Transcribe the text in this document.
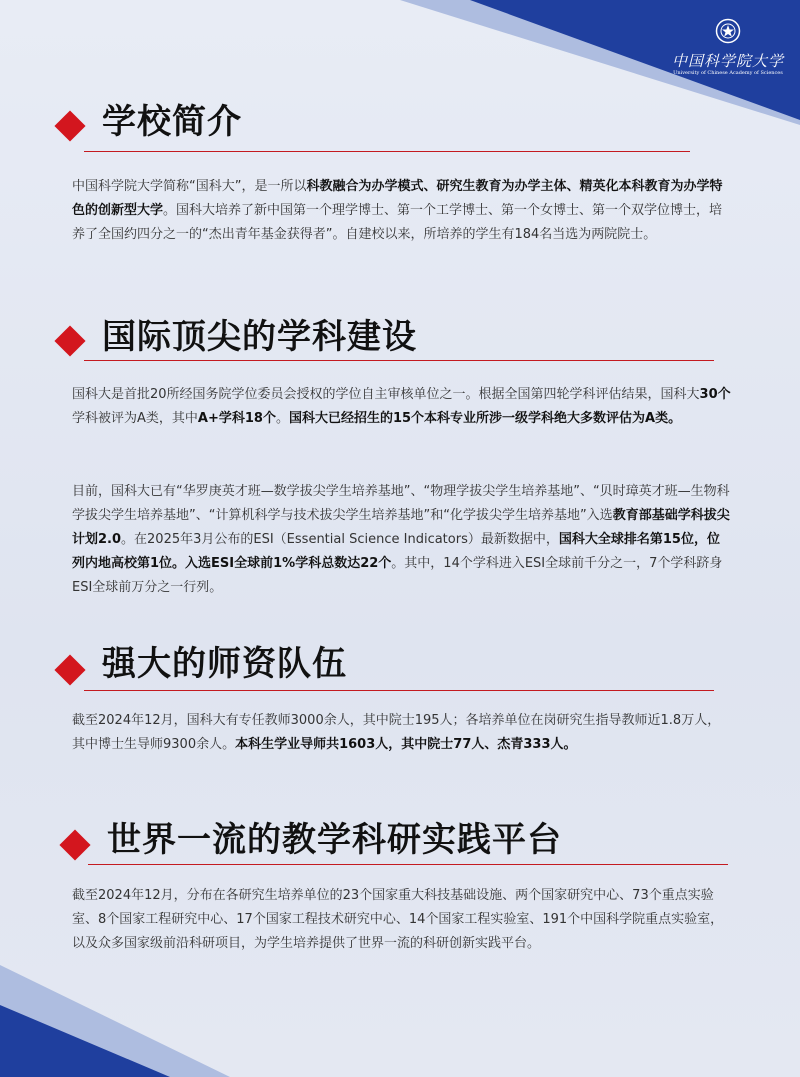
中国科学院大学
University of Chinese Academy of Sciences
学校简介
中国科学院大学简称“国科大”，是一所以科教融合为办学模式、研究生教育为办学主体、精英化本科教育为办学特色的创新型大学。国科大培养了新中国第一个理学博士、第一个工学博士、第一个女博士、第一个双学位博士，培养了全国约四分之一的“杰出青年基金获得者”。自建校以来，所培养的学生有184名当选为两院院士。
国际顶尖的学科建设
国科大是首批20所经国务院学位委员会授权的学位自主审核单位之一。根据全国第四轮学科评估结果，国科大30个学科被评为A类，其中A+学科18个。国科大已经招生的15个本科专业所涉一级学科绝大多数评估为A类。
目前，国科大已有“华罗庚英才班—数学拔尖学生培养基地”、“物理学拔尖学生培养基地”、“贝时璋英才班—生物科学拔尖学生培养基地”、“计算机科学与技术拔尖学生培养基地”和“化学拔尖学生培养基地”入选教育部基础学科拔尖计划2.0。在2025年3月公布的ESI（Essential Science Indicators）最新数据中，国科大全球排名第15位，位列内地高校第1位。入选ESI全球前1%学科总数达22个。其中，14个学科进入ESI全球前千分之一，7个学科跻身ESI全球前万分之一行列。
强大的师资队伍
截至2024年12月，国科大有专任教师3000余人，其中院士195人；各培养单位在岗研究生指导教师近1.8万人，其中博士生导师9300余人。本科生学业导师共1603人，其中院士77人、杰青333人。
世界一流的教学科研实践平台
截至2024年12月，分布在各研究生培养单位的23个国家重大科技基础设施、两个国家研究中心、73个重点实验室、8个国家工程研究中心、17个国家工程技术研究中心、14个国家工程实验室、191个中国科学院重点实验室，以及众多国家级前沿科研项目，为学生培养提供了世界一流的科研创新实践平台。
